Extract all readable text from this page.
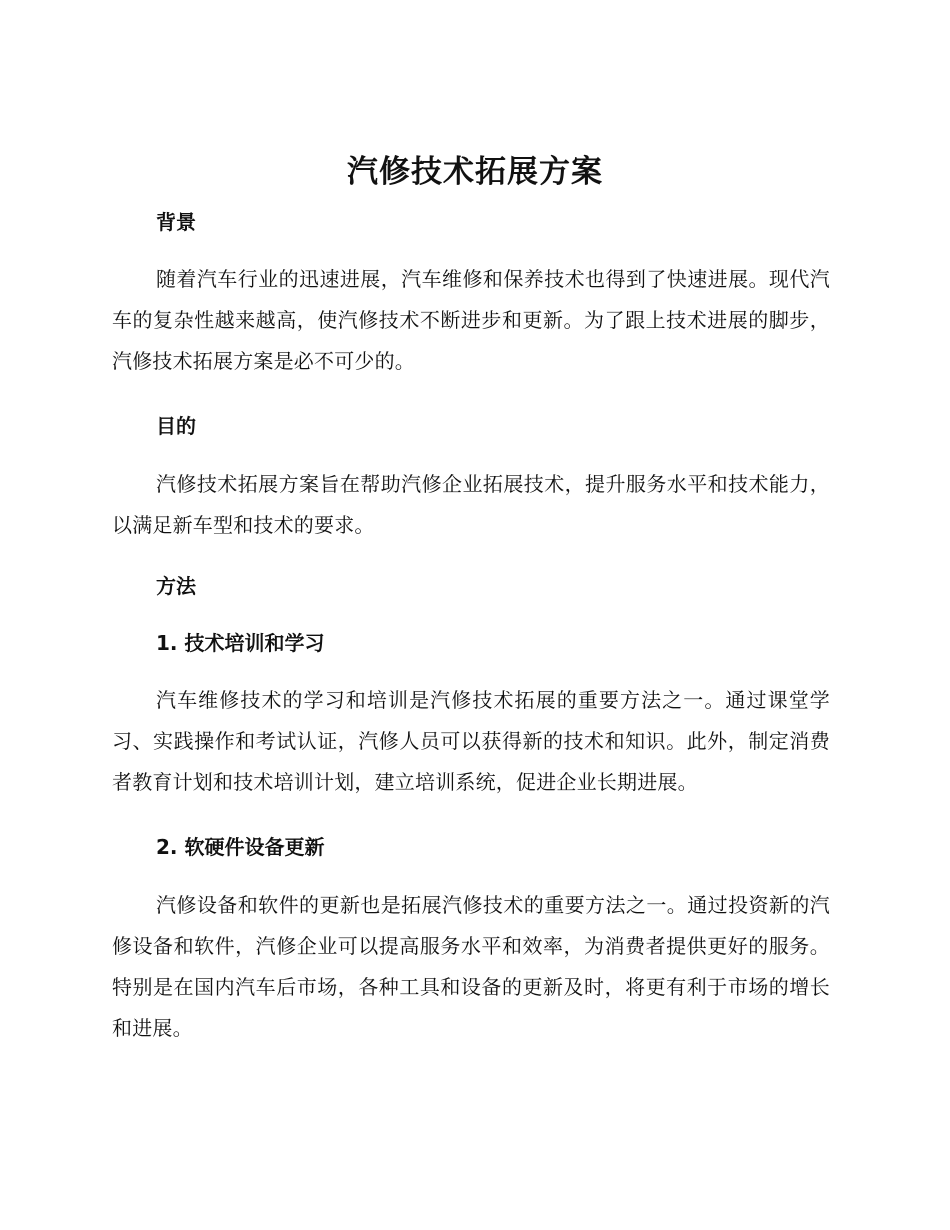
汽修技术拓展方案
背景
随着汽车行业的迅速进展，汽车维修和保养技术也得到了快速进展。现代汽车的复杂性越来越高，使汽修技术不断进步和更新。为了跟上技术进展的脚步，汽修技术拓展方案是必不可少的。
目的
汽修技术拓展方案旨在帮助汽修企业拓展技术，提升服务水平和技术能力，以满足新车型和技术的要求。
方法
1. 技术培训和学习
汽车维修技术的学习和培训是汽修技术拓展的重要方法之一。通过课堂学习、实践操作和考试认证，汽修人员可以获得新的技术和知识。此外，制定消费者教育计划和技术培训计划，建立培训系统，促进企业长期进展。
2. 软硬件设备更新
汽修设备和软件的更新也是拓展汽修技术的重要方法之一。通过投资新的汽修设备和软件，汽修企业可以提高服务水平和效率，为消费者提供更好的服务。特别是在国内汽车后市场，各种工具和设备的更新及时，将更有利于市场的增长和进展。
